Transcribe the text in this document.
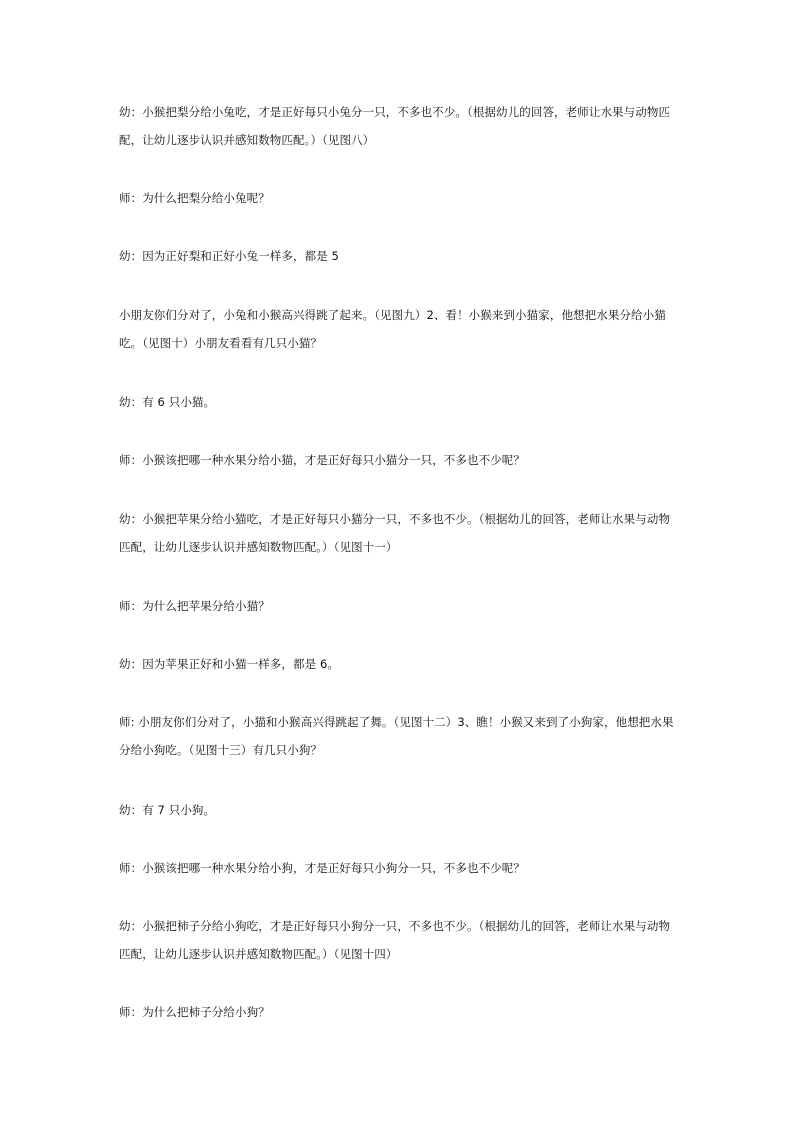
幼：小猴把梨分给小兔吃，才是正好每只小兔分一只，不多也不少。（根据幼儿的回答，老师让水果与动物匹配，让幼儿逐步认识并感知数物匹配。）（见图八）

师：为什么把梨分给小兔呢？

幼：因为正好梨和正好小兔一样多，都是 5

小朋友你们分对了，小兔和小猴高兴得跳了起来。（见图九）2、看！小猴来到小猫家，他想把水果分给小猫吃。（见图十）小朋友看看有几只小猫？

幼：有 6 只小猫。

师：小猴该把哪一种水果分给小猫，才是正好每只小猫分一只，不多也不少呢？

幼：小猴把苹果分给小猫吃，才是正好每只小猫分一只，不多也不少。（根据幼儿的回答，老师让水果与动物匹配，让幼儿逐步认识并感知数物匹配。）（见图十一）

师：为什么把苹果分给小猫？

幼：因为苹果正好和小猫一样多，都是 6。

师: 小朋友你们分对了，小猫和小猴高兴得跳起了舞。（见图十二）3、瞧！小猴又来到了小狗家，他想把水果分给小狗吃。（见图十三）有几只小狗？

幼：有 7 只小狗。

师：小猴该把哪一种水果分给小狗，才是正好每只小狗分一只，不多也不少呢？

幼：小猴把柿子分给小狗吃，才是正好每只小狗分一只，不多也不少。（根据幼儿的回答，老师让水果与动物匹配，让幼儿逐步认识并感知数物匹配。）（见图十四）

师：为什么把柿子分给小狗？
